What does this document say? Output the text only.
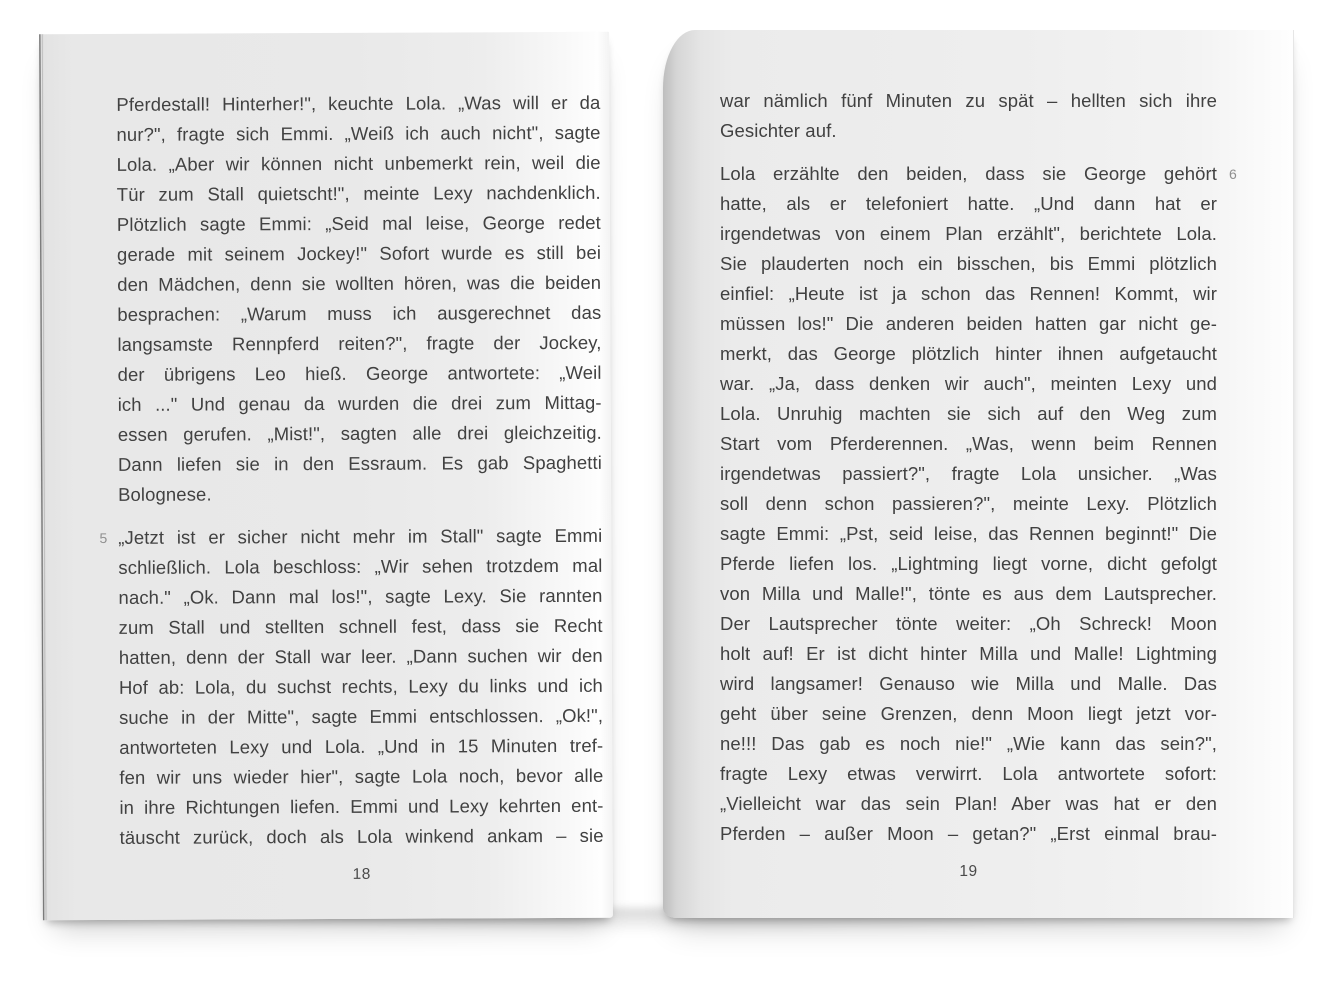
Pferdestall! Hinterher!", keuchte Lola. „Was will er da
nur?", fragte sich Emmi. „Weiß ich auch nicht", sagte
Lola. „Aber wir können nicht unbemerkt rein, weil die
Tür zum Stall quietscht!", meinte Lexy nachdenklich.
Plötzlich sagte Emmi: „Seid mal leise, George redet
gerade mit seinem Jockey!" Sofort wurde es still bei
den Mädchen, denn sie wollten hören, was die beiden
besprachen: „Warum muss ich ausgerechnet das
langsamste Rennpferd reiten?", fragte der Jockey,
der übrigens Leo hieß. George antwortete: „Weil
ich ..." Und genau da wurden die drei zum Mittag-
essen gerufen. „Mist!", sagten alle drei gleichzeitig.
Dann liefen sie in den Essraum. Es gab Spaghetti
Bolognese.
„Jetzt ist er sicher nicht mehr im Stall" sagte Emmi
schließlich. Lola beschloss: „Wir sehen trotzdem mal
nach." „Ok. Dann mal los!", sagte Lexy. Sie rannten
zum Stall und stellten schnell fest, dass sie Recht
hatten, denn der Stall war leer. „Dann suchen wir den
Hof ab: Lola, du suchst rechts, Lexy du links und ich
suche in der Mitte", sagte Emmi entschlossen. „Ok!",
antworteten Lexy und Lola. „Und in 15 Minuten tref-
fen wir uns wieder hier", sagte Lola noch, bevor alle
in ihre Richtungen liefen. Emmi und Lexy kehrten ent-
täuscht zurück, doch als Lola winkend ankam – sie
5
18
war nämlich fünf Minuten zu spät – hellten sich ihre
Gesichter auf.
Lola erzählte den beiden, dass sie George gehört
hatte, als er telefoniert hatte. „Und dann hat er
irgendetwas von einem Plan erzählt", berichtete Lola.
Sie plauderten noch ein bisschen, bis Emmi plötzlich
einfiel: „Heute ist ja schon das Rennen! Kommt, wir
müssen los!" Die anderen beiden hatten gar nicht ge-
merkt, das George plötzlich hinter ihnen aufgetaucht
war. „Ja, dass denken wir auch", meinten Lexy und
Lola. Unruhig machten sie sich auf den Weg zum
Start vom Pferderennen. „Was, wenn beim Rennen
irgendetwas passiert?", fragte Lola unsicher. „Was
soll denn schon passieren?", meinte Lexy. Plötzlich
sagte Emmi: „Pst, seid leise, das Rennen beginnt!" Die
Pferde liefen los. „Lightming liegt vorne, dicht gefolgt
von Milla und Malle!", tönte es aus dem Lautsprecher.
Der Lautsprecher tönte weiter: „Oh Schreck! Moon
holt auf! Er ist dicht hinter Milla und Malle! Lightming
wird langsamer! Genauso wie Milla und Malle. Das
geht über seine Grenzen, denn Moon liegt jetzt vor-
ne!!! Das gab es noch nie!" „Wie kann das sein?",
fragte Lexy etwas verwirrt. Lola antwortete sofort:
„Vielleicht war das sein Plan! Aber was hat er den
Pferden – außer Moon – getan?" „Erst einmal brau-
6
19
